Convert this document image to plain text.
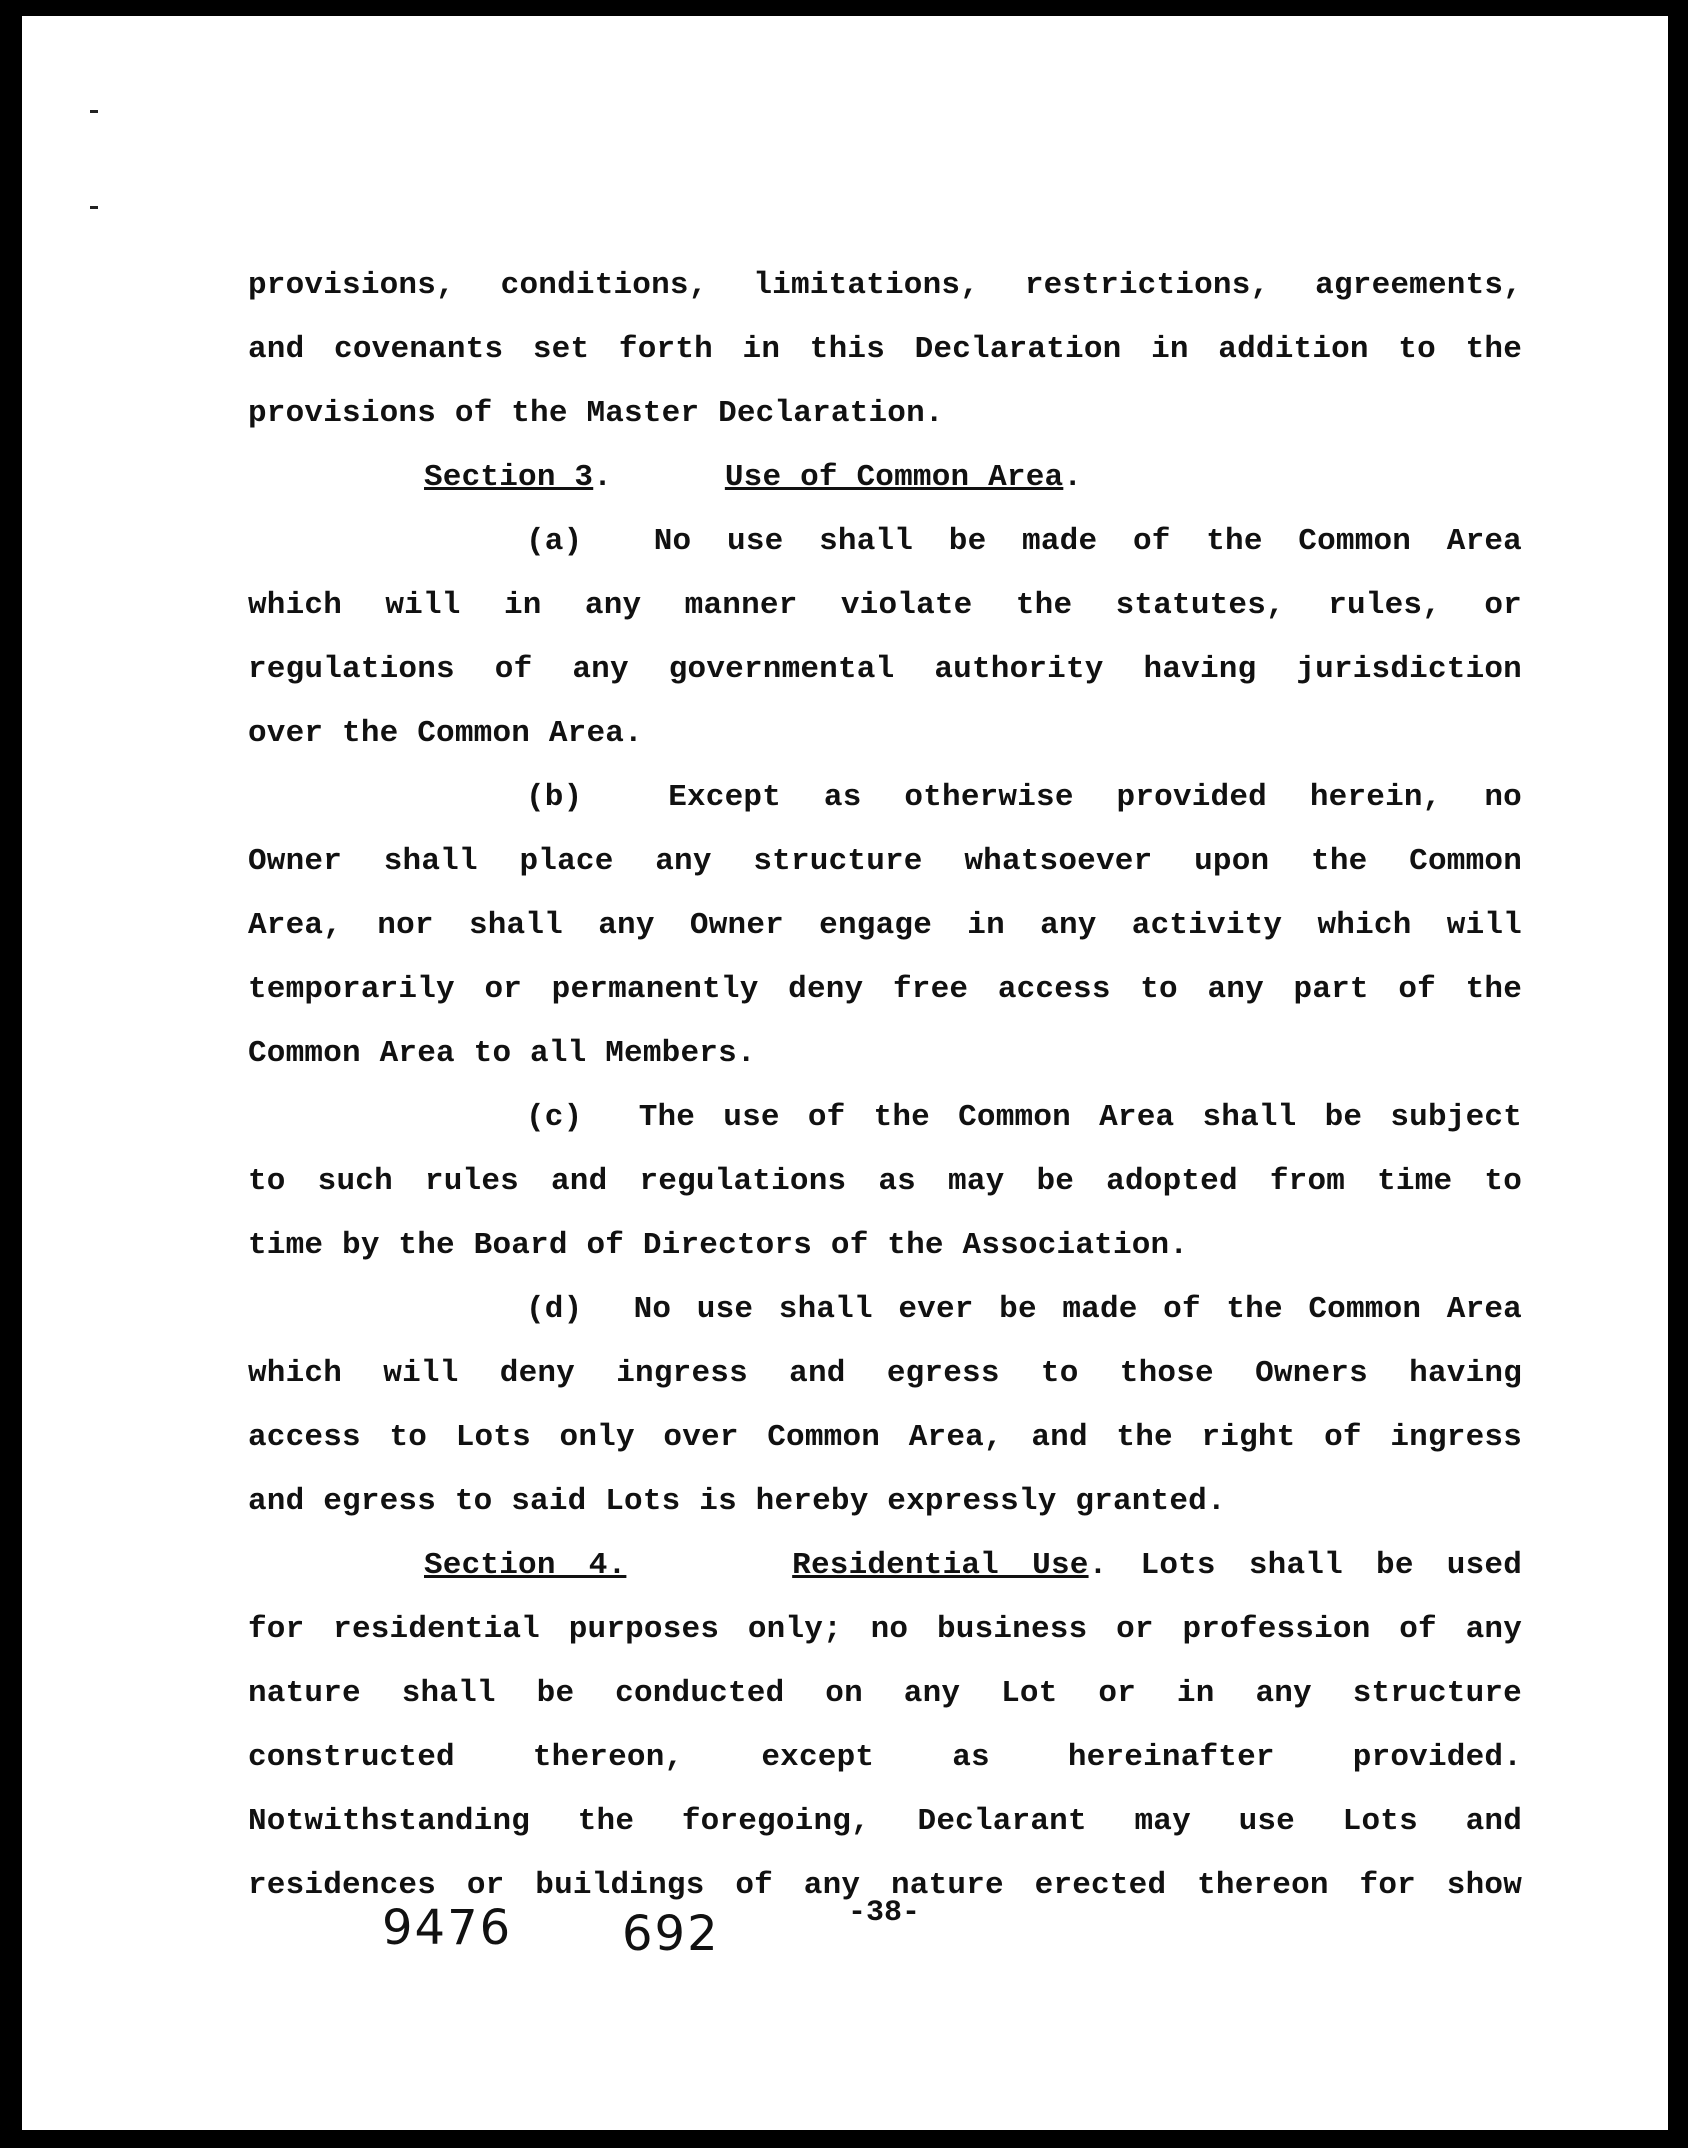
provisions, conditions, limitations, restrictions, agreements,
and covenants set forth in this Declaration in addition to the
provisions of the Master Declaration.
Section 3.      Use of Common Area.
(a)  No use shall be made of the Common Area
which will in any manner violate the statutes, rules, or
regulations of any governmental authority having jurisdiction
over the Common Area.
(b)  Except as otherwise provided herein, no
Owner shall place any structure whatsoever upon the Common
Area, nor shall any Owner engage in any activity which will
temporarily or permanently deny free access to any part of the
Common Area to all Members.
(c)  The use of the Common Area shall be subject
to such rules and regulations as may be adopted from time to
time by the Board of Directors of the Association.
(d)  No use shall ever be made of the Common Area
which will deny ingress and egress to those Owners having
access to Lots only over Common Area, and the right of ingress
and egress to said Lots is hereby expressly granted.
Section 4.	Residential Use. Lots shall be used
for residential purposes only; no business or profession of any
nature shall be conducted on any Lot or in any structure
constructed thereon, except as hereinafter provided.
Notwithstanding the foregoing, Declarant may use Lots and
residences or buildings of any nature erected thereon for show
9476 692	-38-
